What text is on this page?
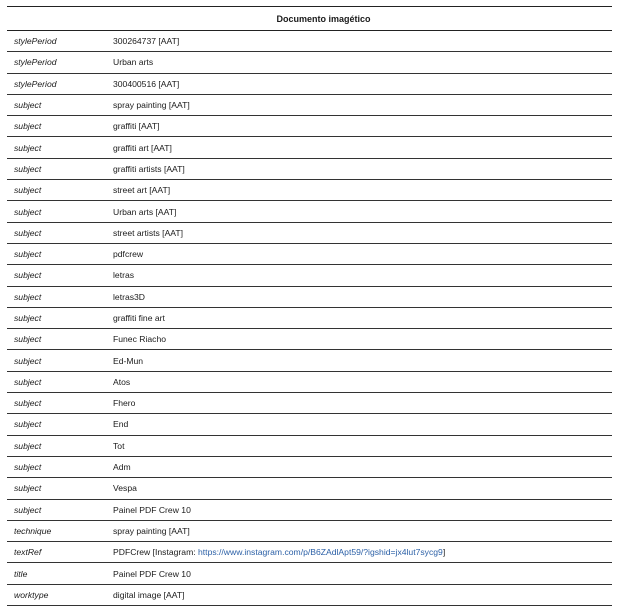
Documento imagético
stylePeriod	300264737 [AAT]
stylePeriod	Urban arts
stylePeriod	300400516 [AAT]
subject	spray painting [AAT]
subject	graffiti [AAT]
subject	graffiti art [AAT]
subject	graffiti artists [AAT]
subject	street art [AAT]
subject	Urban arts [AAT]
subject	street artists [AAT]
subject	pdfcrew
subject	letras
subject	letras3D
subject	graffiti fine art
subject	Funec Riacho
subject	Ed-Mun
subject	Atos
subject	Fhero
subject	End
subject	Tot
subject	Adm
subject	Vespa
subject	Painel PDF Crew 10
technique	spray painting [AAT]
textRef	PDFCrew [Instagram: https://www.instagram.com/p/B6ZAdlApt59/?igshid=jx4lut7sycg9]
title	Painel PDF Crew 10
worktype	digital image [AAT]
